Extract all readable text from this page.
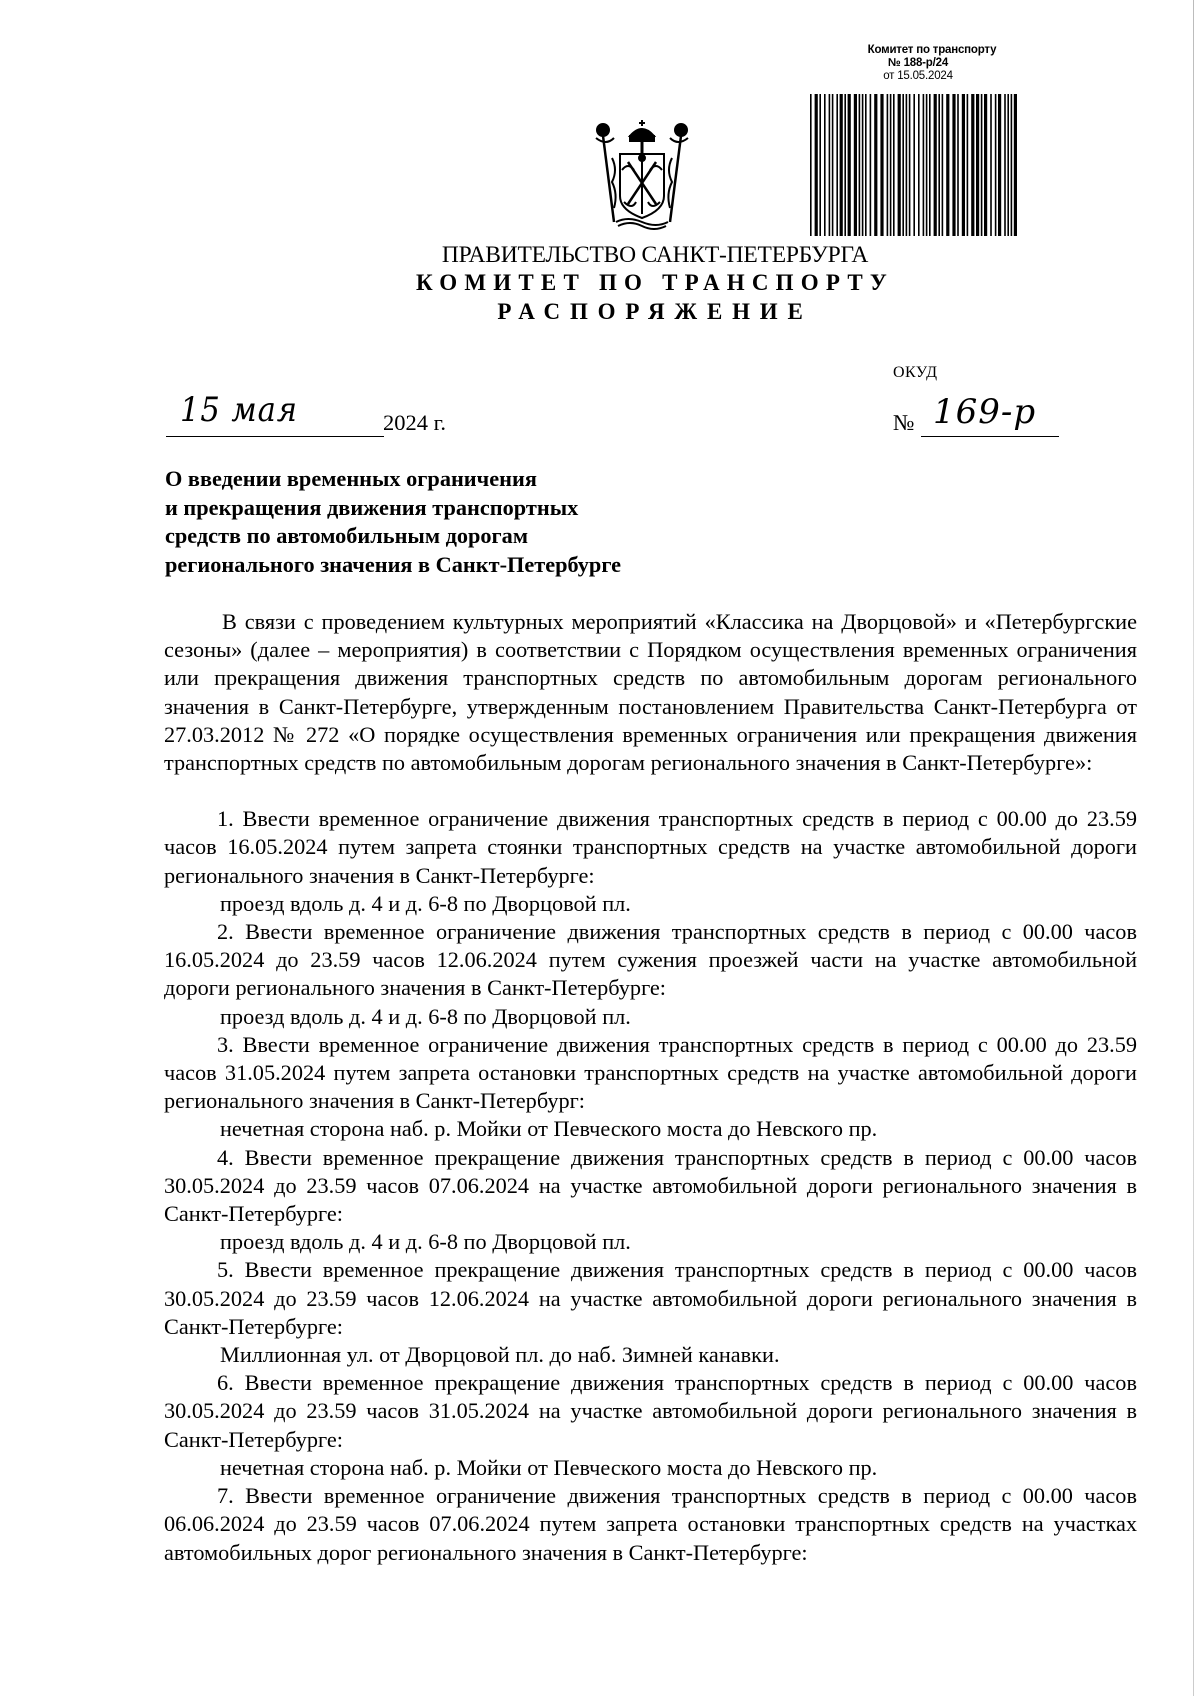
Комитет по транспорту
№ 188-р/24
от 15.05.2024
ПРАВИТЕЛЬСТВО САНКТ-ПЕТЕРБУРГА
КОМИТЕТ ПО ТРАНСПОРТУ
РАСПОРЯЖЕНИЕ
ОКУД
15 мая	2024 г.	№ 169-р
О введении временных ограничения
и прекращения движения транспортных
средств по автомобильным дорогам
регионального значения в Санкт-Петербурге

В связи с проведением культурных мероприятий «Классика на Дворцовой» и «Петербургские сезоны» (далее – мероприятия) в соответствии с Порядком осуществления временных ограничения или прекращения движения транспортных средств по автомобильным дорогам регионального значения в Санкт-Петербурге, утвержденным постановлением Правительства Санкт-Петербурга от 27.03.2012 № 272 «О порядке осуществления временных ограничения или прекращения движения транспортных средств по автомобильным дорогам регионального значения в Санкт-Петербурге»:

1. Ввести временное ограничение движения транспортных средств в период с 00.00 до 23.59 часов 16.05.2024 путем запрета стоянки транспортных средств на участке автомобильной дороги регионального значения в Санкт-Петербурге:

проезд вдоль д. 4 и д. 6-8 по Дворцовой пл.

2. Ввести временное ограничение движения транспортных средств в период с 00.00 часов 16.05.2024 до 23.59 часов 12.06.2024 путем сужения проезжей части на участке автомобильной дороги регионального значения в Санкт-Петербурге:

проезд вдоль д. 4 и д. 6-8 по Дворцовой пл.

3. Ввести временное ограничение движения транспортных средств в период с 00.00 до 23.59 часов 31.05.2024 путем запрета остановки транспортных средств на участке автомобильной дороги регионального значения в Санкт-Петербург:

нечетная сторона наб. р. Мойки от Певческого моста до Невского пр.

4. Ввести временное прекращение движения транспортных средств в период с 00.00 часов 30.05.2024 до 23.59 часов 07.06.2024 на участке автомобильной дороги регионального значения в Санкт-Петербурге:

проезд вдоль д. 4 и д. 6-8 по Дворцовой пл.

5. Ввести временное прекращение движения транспортных средств в период с 00.00 часов 30.05.2024 до 23.59 часов 12.06.2024 на участке автомобильной дороги регионального значения в Санкт-Петербурге:

Миллионная ул. от Дворцовой пл. до наб. Зимней канавки.

6. Ввести временное прекращение движения транспортных средств в период с 00.00 часов 30.05.2024 до 23.59 часов 31.05.2024 на участке автомобильной дороги регионального значения в Санкт-Петербурге:

нечетная сторона наб. р. Мойки от Певческого моста до Невского пр.

7. Ввести временное ограничение движения транспортных средств в период с 00.00 часов 06.06.2024 до 23.59 часов 07.06.2024 путем запрета остановки транспортных средств на участках автомобильных дорог регионального значения в Санкт-Петербурге:
